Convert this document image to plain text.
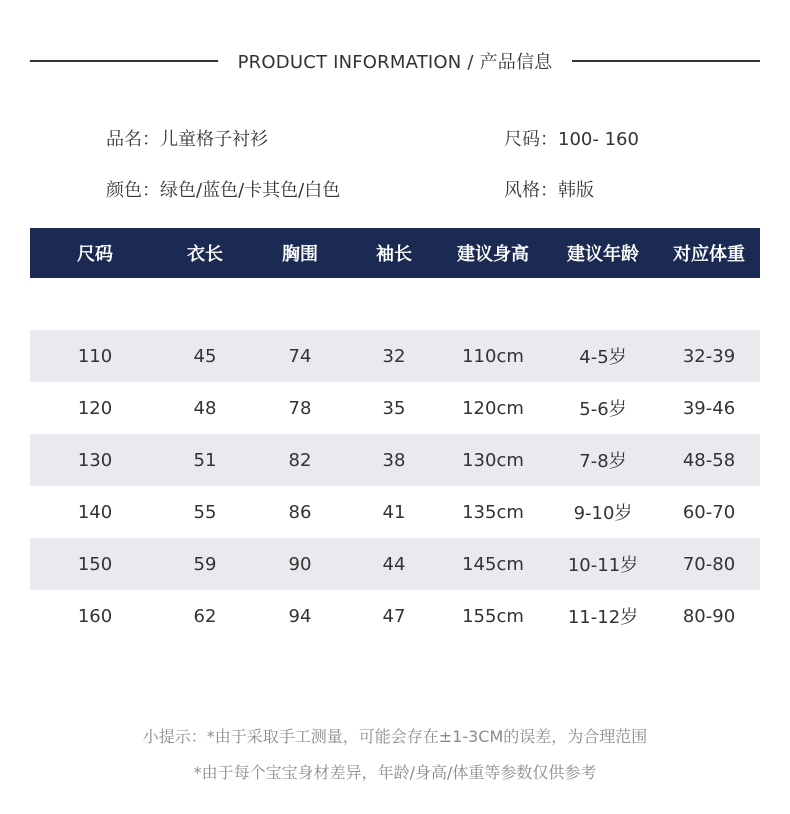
PRODUCT INFORMATION / 产品信息
品名：儿童格子衬衫	尺码：100- 160
颜色：绿色/蓝色/卡其色/白色	风格：韩版
尺码	衣长	胸围	袖长	建议身高	建议年龄	对应体重
110	45	74	32	110cm	4-5岁	32-39
120	48	78	35	120cm	5-6岁	39-46
130	51	82	38	130cm	7-8岁	48-58
140	55	86	41	135cm	9-10岁	60-70
150	59	90	44	145cm	10-11岁	70-80
160	62	94	47	155cm	11-12岁	80-90
小提示：*由于采取手工测量，可能会存在±1-3CM的误差，为合理范围
*由于每个宝宝身材差异，年龄/身高/体重等参数仅供参考
